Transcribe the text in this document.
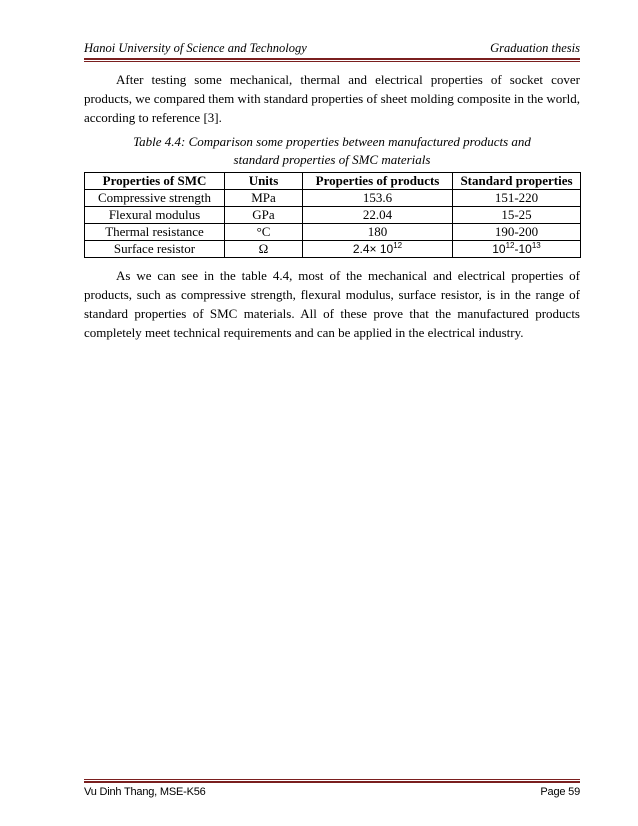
Hanoi University of Science and Technology	Graduation thesis

After testing some mechanical, thermal and electrical properties of socket cover products, we compared them with standard properties of sheet molding composite in the world, according to reference [3].

Table 4.4: Comparison some properties between manufactured products and
standard properties of SMC materials
Properties of SMC	Units	Properties of products	Standard properties
Compressive strength	MPa	153.6	151-220
Flexural modulus	GPa	22.04	15-25
Thermal resistance	°C	180	190-200
Surface resistor	Ω	$2.4\times 10^{12}$	$10^{12}-10^{13}$

As we can see in the table 4.4, most of the mechanical and electrical properties of products, such as compressive strength, flexural modulus, surface resistor, is in the range of standard properties of SMC materials. All of these prove that the manufactured products completely meet technical requirements and can be applied in the electrical industry.

Vu Dinh Thang, MSE-K56	Page 59
